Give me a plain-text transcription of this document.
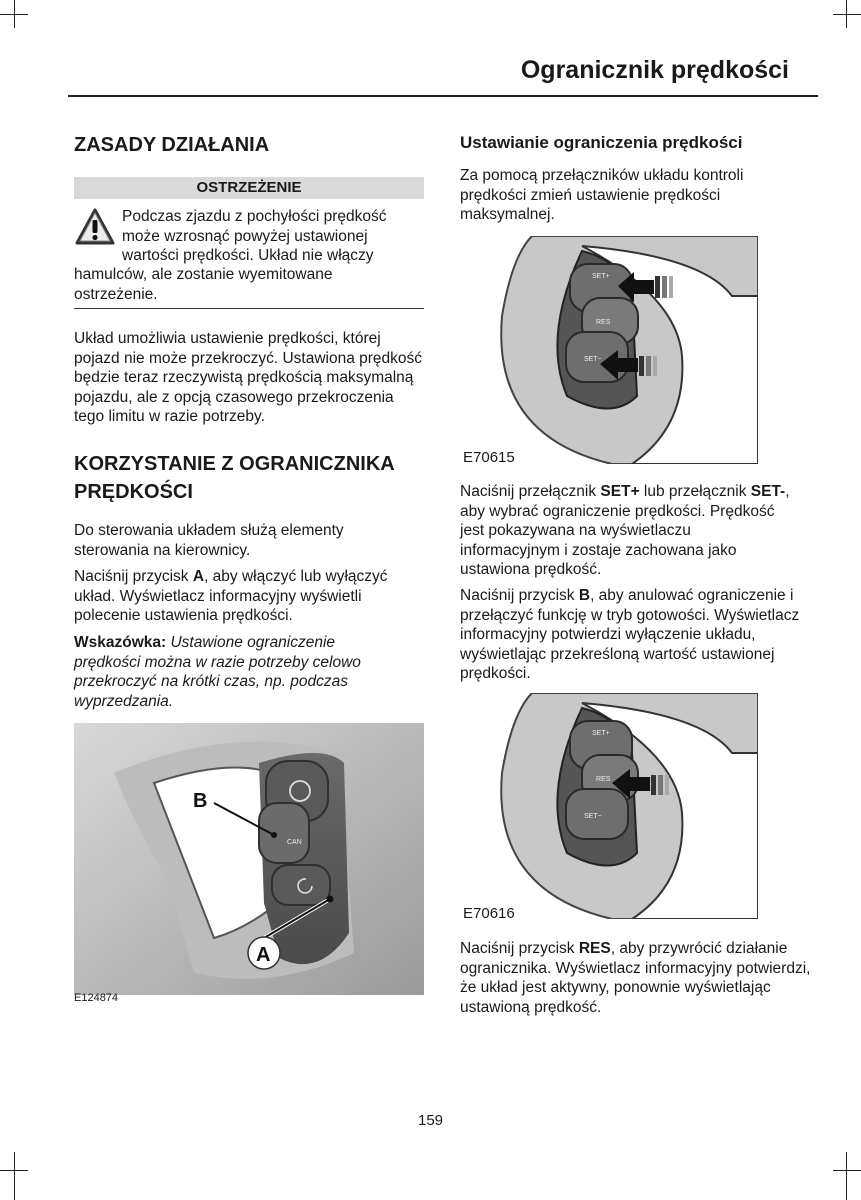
Ogranicznik prędkości
ZASADY DZIAŁANIA
OSTRZEŻENIE

Podczas zjazdu z pochyłości prędkość

może wzrosnąć powyżej ustawionej

wartości prędkości. Układ nie włączy

hamulców, ale zostanie wyemitowane

ostrzeżenie.

Układ umożliwia ustawienie prędkości, której pojazd nie może przekroczyć. Ustawiona prędkość będzie teraz rzeczywistą prędkością maksymalną pojazdu, ale z opcją czasowego przekroczenia tego limitu w razie potrzeby.

KORZYSTANIE Z OGRANICZNIKA PRĘDKOŚCI

Do sterowania układem służą elementy sterowania na kierownicy.

Naciśnij przycisk A, aby włączyć lub wyłączyć układ. Wyświetlacz informacyjny wyświetli polecenie ustawienia prędkości.

Wskazówka: Ustawione ograniczenie prędkości można w razie potrzeby celowo przekroczyć na krótki czas, np. podczas wyprzedzania.

CAN
B
A
E124874
Ustawianie ograniczenia prędkości

Za pomocą przełączników układu kontroli prędkości zmień ustawienie prędkości maksymalnej.

SET+
RES
SET−
E70615

Naciśnij przełącznik SET+ lub przełącznik SET-, aby wybrać ograniczenie prędkości. Prędkość jest pokazywana na wyświetlaczu informacyjnym i zostaje zachowana jako ustawiona prędkość.

Naciśnij przycisk B, aby anulować ograniczenie i przełączyć funkcję w tryb gotowości. Wyświetlacz informacyjny potwierdzi wyłączenie układu, wyświetlając przekreśloną wartość ustawionej prędkości.

SET+
RES
SET−
E70616

Naciśnij przycisk RES, aby przywrócić działanie ogranicznika. Wyświetlacz informacyjny potwierdzi, że układ jest aktywny, ponownie wyświetlając ustawioną prędkość.

159
